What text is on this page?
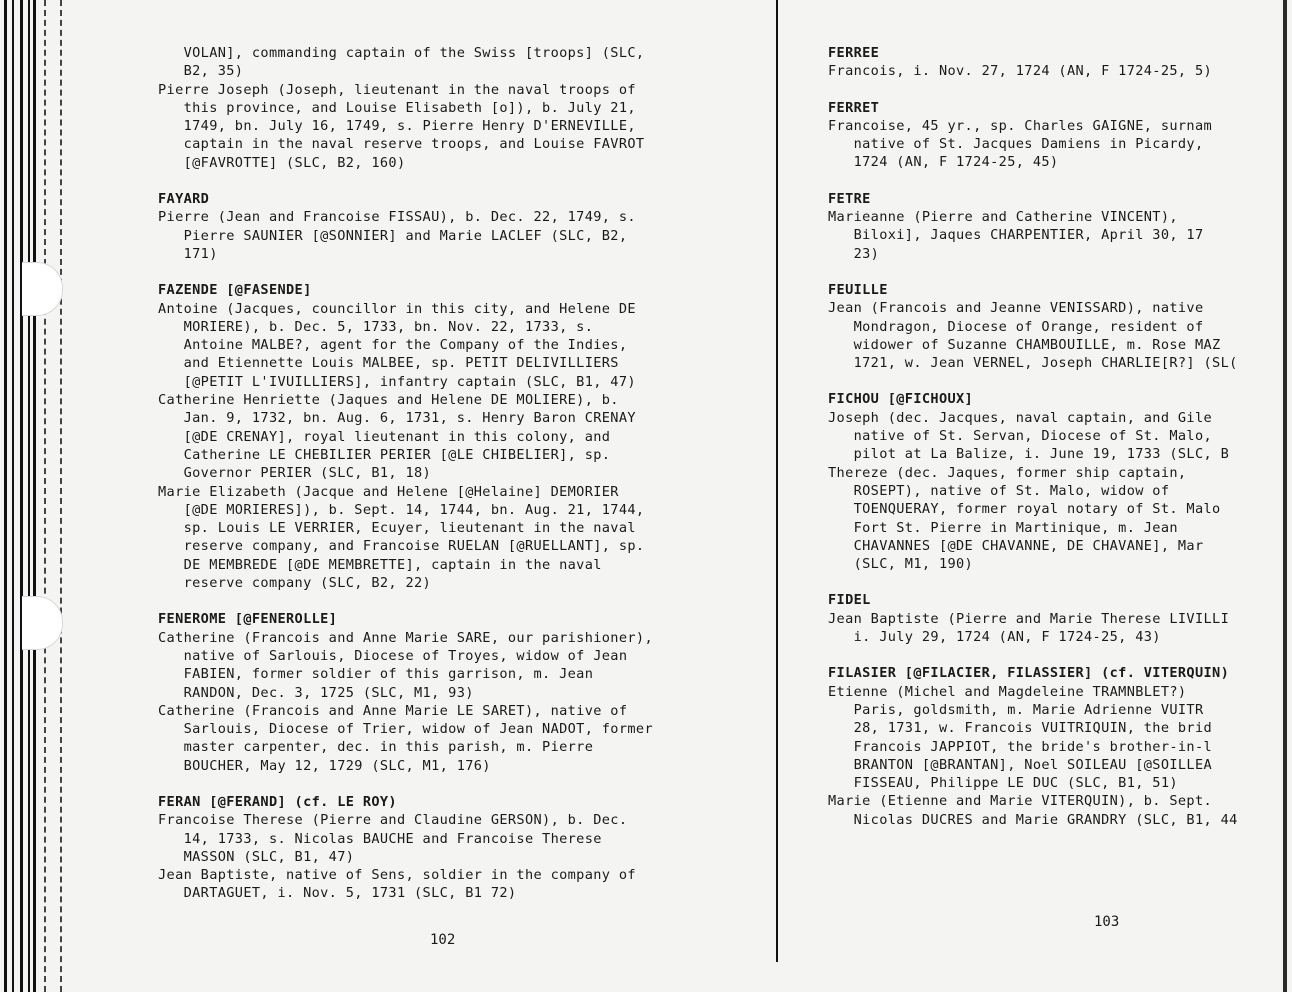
VOLAN], commanding captain of the Swiss [troops] (SLC,

B2, 35)

Pierre Joseph (Joseph, lieutenant in the naval troops of

this province, and Louise Elisabeth [o]), b. July 21,

1749, bn. July 16, 1749, s. Pierre Henry D'ERNEVILLE,

captain in the naval reserve troops, and Louise FAVROT

[@FAVROTTE] (SLC, B2, 160)

FAYARD

Pierre (Jean and Francoise FISSAU), b. Dec. 22, 1749, s.

Pierre SAUNIER [@SONNIER] and Marie LACLEF (SLC, B2,

171)

FAZENDE [@FASENDE]

Antoine (Jacques, councillor in this city, and Helene DE

MORIERE), b. Dec. 5, 1733, bn. Nov. 22, 1733, s.

Antoine MALBE?, agent for the Company of the Indies,

and Etiennette Louis MALBEE, sp. PETIT DELIVILLIERS

[@PETIT L'IVUILLIERS], infantry captain (SLC, B1, 47)

Catherine Henriette (Jaques and Helene DE MOLIERE), b.

Jan. 9, 1732, bn. Aug. 6, 1731, s. Henry Baron CRENAY

[@DE CRENAY], royal lieutenant in this colony, and

Catherine LE CHEBILIER PERIER [@LE CHIBELIER], sp.

Governor PERIER (SLC, B1, 18)

Marie Elizabeth (Jacque and Helene [@Helaine] DEMORIER

[@DE MORIERES]), b. Sept. 14, 1744, bn. Aug. 21, 1744,

sp. Louis LE VERRIER, Ecuyer, lieutenant in the naval

reserve company, and Francoise RUELAN [@RUELLANT], sp.

DE MEMBREDE [@DE MEMBRETTE], captain in the naval

reserve company (SLC, B2, 22)

FENEROME [@FENEROLLE]

Catherine (Francois and Anne Marie SARE, our parishioner),

native of Sarlouis, Diocese of Troyes, widow of Jean

FABIEN, former soldier of this garrison, m. Jean

RANDON, Dec. 3, 1725 (SLC, M1, 93)

Catherine (Francois and Anne Marie LE SARET), native of

Sarlouis, Diocese of Trier, widow of Jean NADOT, former

master carpenter, dec. in this parish, m. Pierre

BOUCHER, May 12, 1729 (SLC, M1, 176)

FERAN [@FERAND] (cf. LE ROY)

Francoise Therese (Pierre and Claudine GERSON), b. Dec.

14, 1733, s. Nicolas BAUCHE and Francoise Therese

MASSON (SLC, B1, 47)

Jean Baptiste, native of Sens, soldier in the company of

DARTAGUET, i. Nov. 5, 1731 (SLC, B1 72)

102

FERREE

Francois, i. Nov. 27, 1724 (AN, F 1724-25, 5)

FERRET

Francoise, 45 yr., sp. Charles GAIGNE, surnam

native of St. Jacques Damiens in Picardy,

1724 (AN, F 1724-25, 45)

FETRE

Marieanne (Pierre and Catherine VINCENT),

Biloxi], Jaques CHARPENTIER, April 30, 17

23)

FEUILLE

Jean (Francois and Jeanne VENISSARD), native

Mondragon, Diocese of Orange, resident of

widower of Suzanne CHAMBOUILLE, m. Rose MAZ

1721, w. Jean VERNEL, Joseph CHARLIE[R?] (SL(

FICHOU [@FICHOUX]

Joseph (dec. Jacques, naval captain, and Gile

native of St. Servan, Diocese of St. Malo,

pilot at La Balize, i. June 19, 1733 (SLC, B

Thereze (dec. Jaques, former ship captain,

ROSEPT), native of St. Malo, widow of

TOENQUERAY, former royal notary of St. Malo

Fort St. Pierre in Martinique, m. Jean

CHAVANNES [@DE CHAVANNE, DE CHAVANE], Mar

(SLC, M1, 190)

FIDEL

Jean Baptiste (Pierre and Marie Therese LIVILLI

i. July 29, 1724 (AN, F 1724-25, 43)

FILASIER [@FILACIER, FILASSIER] (cf. VITERQUIN)

Etienne (Michel and Magdeleine TRAMNBLET?)

Paris, goldsmith, m. Marie Adrienne VUITR

28, 1731, w. Francois VUITRIQUIN, the brid

Francois JAPPIOT, the bride's brother-in-l

BRANTON [@BRANTAN], Noel SOILEAU [@SOILLEA

FISSEAU, Philippe LE DUC (SLC, B1, 51)

Marie (Etienne and Marie VITERQUIN), b. Sept.

Nicolas DUCRES and Marie GRANDRY (SLC, B1, 44

103
